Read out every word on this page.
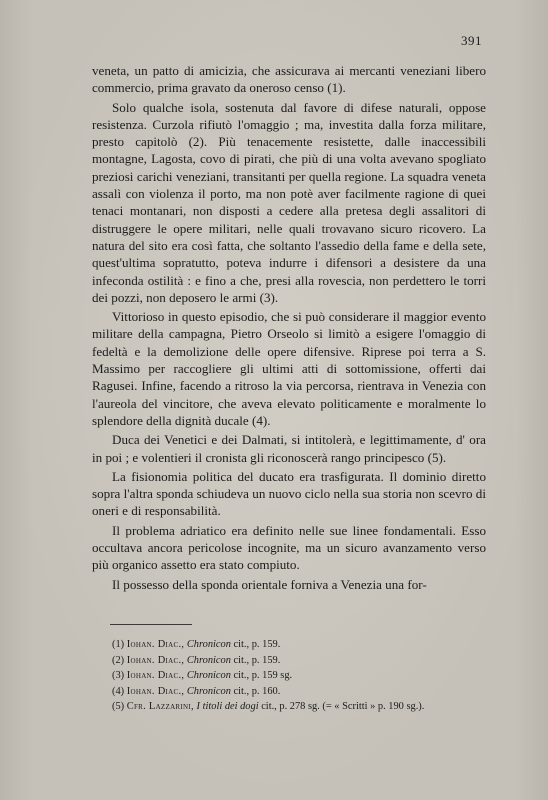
391

veneta, un patto di amicizia, che assicurava ai mercanti veneziani libero commercio, prima gravato da oneroso censo (1).

Solo qualche isola, sostenuta dal favore di difese naturali, oppose resistenza. Curzola rifiutò l'omaggio ; ma, investita dalla forza militare, presto capitolò (2). Più tenacemente resistette, dalle inaccessibili montagne, Lagosta, covo di pirati, che più di una volta avevano spogliato preziosi carichi veneziani, transitanti per quella regione. La squadra veneta assalì con violenza il porto, ma non potè aver facilmente ragione di quei tenaci montanari, non disposti a cedere alla pretesa degli assalitori di distruggere le opere militari, nelle quali trovavano sicuro ricovero. La natura del sito era così fatta, che soltanto l'assedio della fame e della sete, quest'ultima sopratutto, poteva indurre i difensori a desistere da una infeconda ostilità : e fino a che, presi alla rovescia, non perdettero le torri dei pozzi, non deposero le armi (3).

Vittorioso in questo episodio, che si può considerare il maggior evento militare della campagna, Pietro Orseolo si limitò a esigere l'omaggio di fedeltà e la demolizione delle opere difensive. Riprese poi terra a S. Massimo per raccogliere gli ultimi atti di sottomissione, offerti dai Ragusei. Infine, facendo a ritroso la via percorsa, rientrava in Venezia con l'aureola del vincitore, che aveva elevato politicamente e moralmente lo splendore della dignità ducale (4).

Duca dei Venetici e dei Dalmati, si intitolerà, e legittimamente, d' ora in poi ; e volentieri il cronista gli riconoscerà rango principesco (5).

La fisionomia politica del ducato era trasfigurata. Il dominio diretto sopra l'altra sponda schiudeva un nuovo ciclo nella sua storia non scevro di oneri e di responsabilità.

Il problema adriatico era definito nelle sue linee fondamentali. Esso occultava ancora pericolose incognite, ma un sicuro avanzamento verso più organico assetto era stato compiuto.

Il possesso della sponda orientale forniva a Venezia una for-

(1) Iohan. Diac., Chronicon cit., p. 159.
(2) Iohan. Diac., Chronicon cit., p. 159.
(3) Iohan. Diac., Chronicon cit., p. 159 sg.
(4) Iohan. Diac., Chronicon cit., p. 160.
(5) Cfr. Lazzarini, I titoli dei dogi cit., p. 278 sg. (= « Scritti » p. 190 sg.).
